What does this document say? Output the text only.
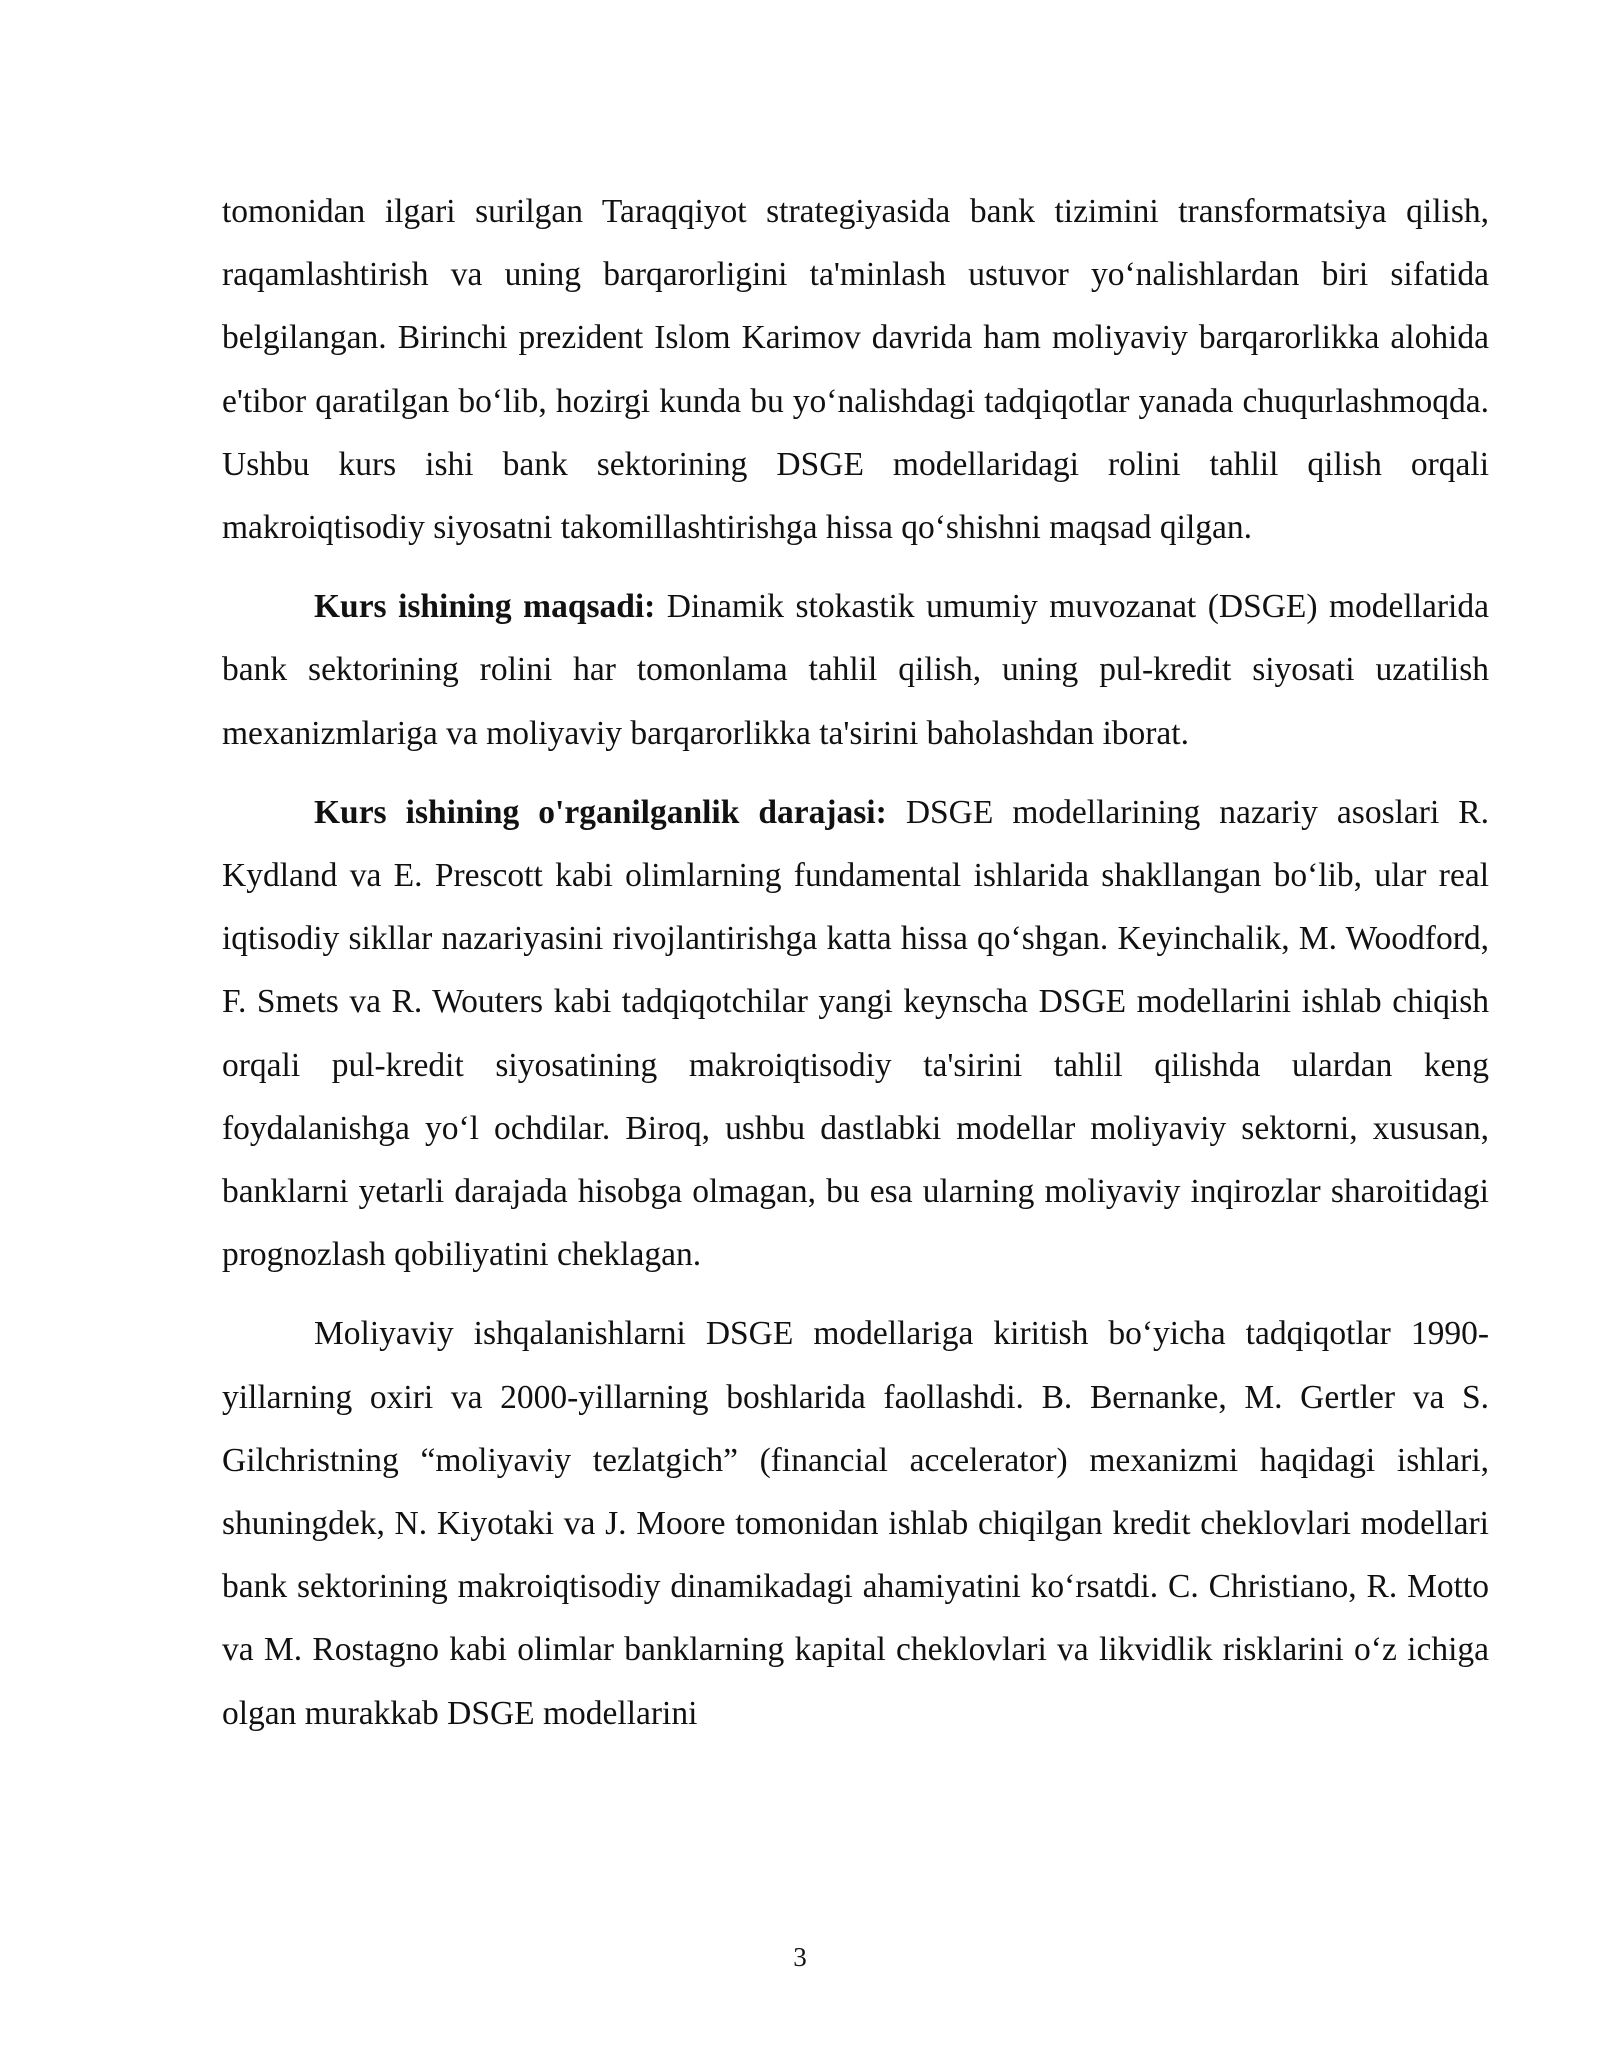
tomonidan ilgari surilgan Taraqqiyot strategiyasida bank tizimini transformatsiya qilish, raqamlashtirish va uning barqarorligini ta'minlash ustuvor yo‘nalishlardan biri sifatida belgilangan. Birinchi prezident Islom Karimov davrida ham moliyaviy barqarorlikka alohida e'tibor qaratilgan bo‘lib, hozirgi kunda bu yo‘nalishdagi tadqiqotlar yanada chuqurlashmoqda. Ushbu kurs ishi bank sektorining DSGE modellaridagi rolini tahlil qilish orqali makroiqtisodiy siyosatni takomillashtirishga hissa qo‘shishni maqsad qilgan.

Kurs ishining maqsadi: Dinamik stokastik umumiy muvozanat (DSGE) modellarida bank sektorining rolini har tomonlama tahlil qilish, uning pul-kredit siyosati uzatilish mexanizmlariga va moliyaviy barqarorlikka ta'sirini baholashdan iborat.

Kurs ishining o'rganilganlik darajasi: DSGE modellarining nazariy asoslari R. Kydland va E. Prescott kabi olimlarning fundamental ishlarida shakllangan bo‘lib, ular real iqtisodiy sikllar nazariyasini rivojlantirishga katta hissa qo‘shgan. Keyinchalik, M. Woodford, F. Smets va R. Wouters kabi tadqiqotchilar yangi keynscha DSGE modellarini ishlab chiqish orqali pul-kredit siyosatining makroiqtisodiy ta'sirini tahlil qilishda ulardan keng foydalanishga yo‘l ochdilar. Biroq, ushbu dastlabki modellar moliyaviy sektorni, xususan, banklarni yetarli darajada hisobga olmagan, bu esa ularning moliyaviy inqirozlar sharoitidagi prognozlash qobiliyatini cheklagan.

Moliyaviy ishqalanishlarni DSGE modellariga kiritish bo‘yicha tadqiqotlar 1990-yillarning oxiri va 2000-yillarning boshlarida faollashdi. B. Bernanke, M. Gertler va S. Gilchristning “moliyaviy tezlatgich” (financial accelerator) mexanizmi haqidagi ishlari, shuningdek, N. Kiyotaki va J. Moore tomonidan ishlab chiqilgan kredit cheklovlari modellari bank sektorining makroiqtisodiy dinamikadagi ahamiyatini ko‘rsatdi. C. Christiano, R. Motto va M. Rostagno kabi olimlar banklarning kapital cheklovlari va likvidlik risklarini o‘z ichiga olgan murakkab DSGE modellarini

3
